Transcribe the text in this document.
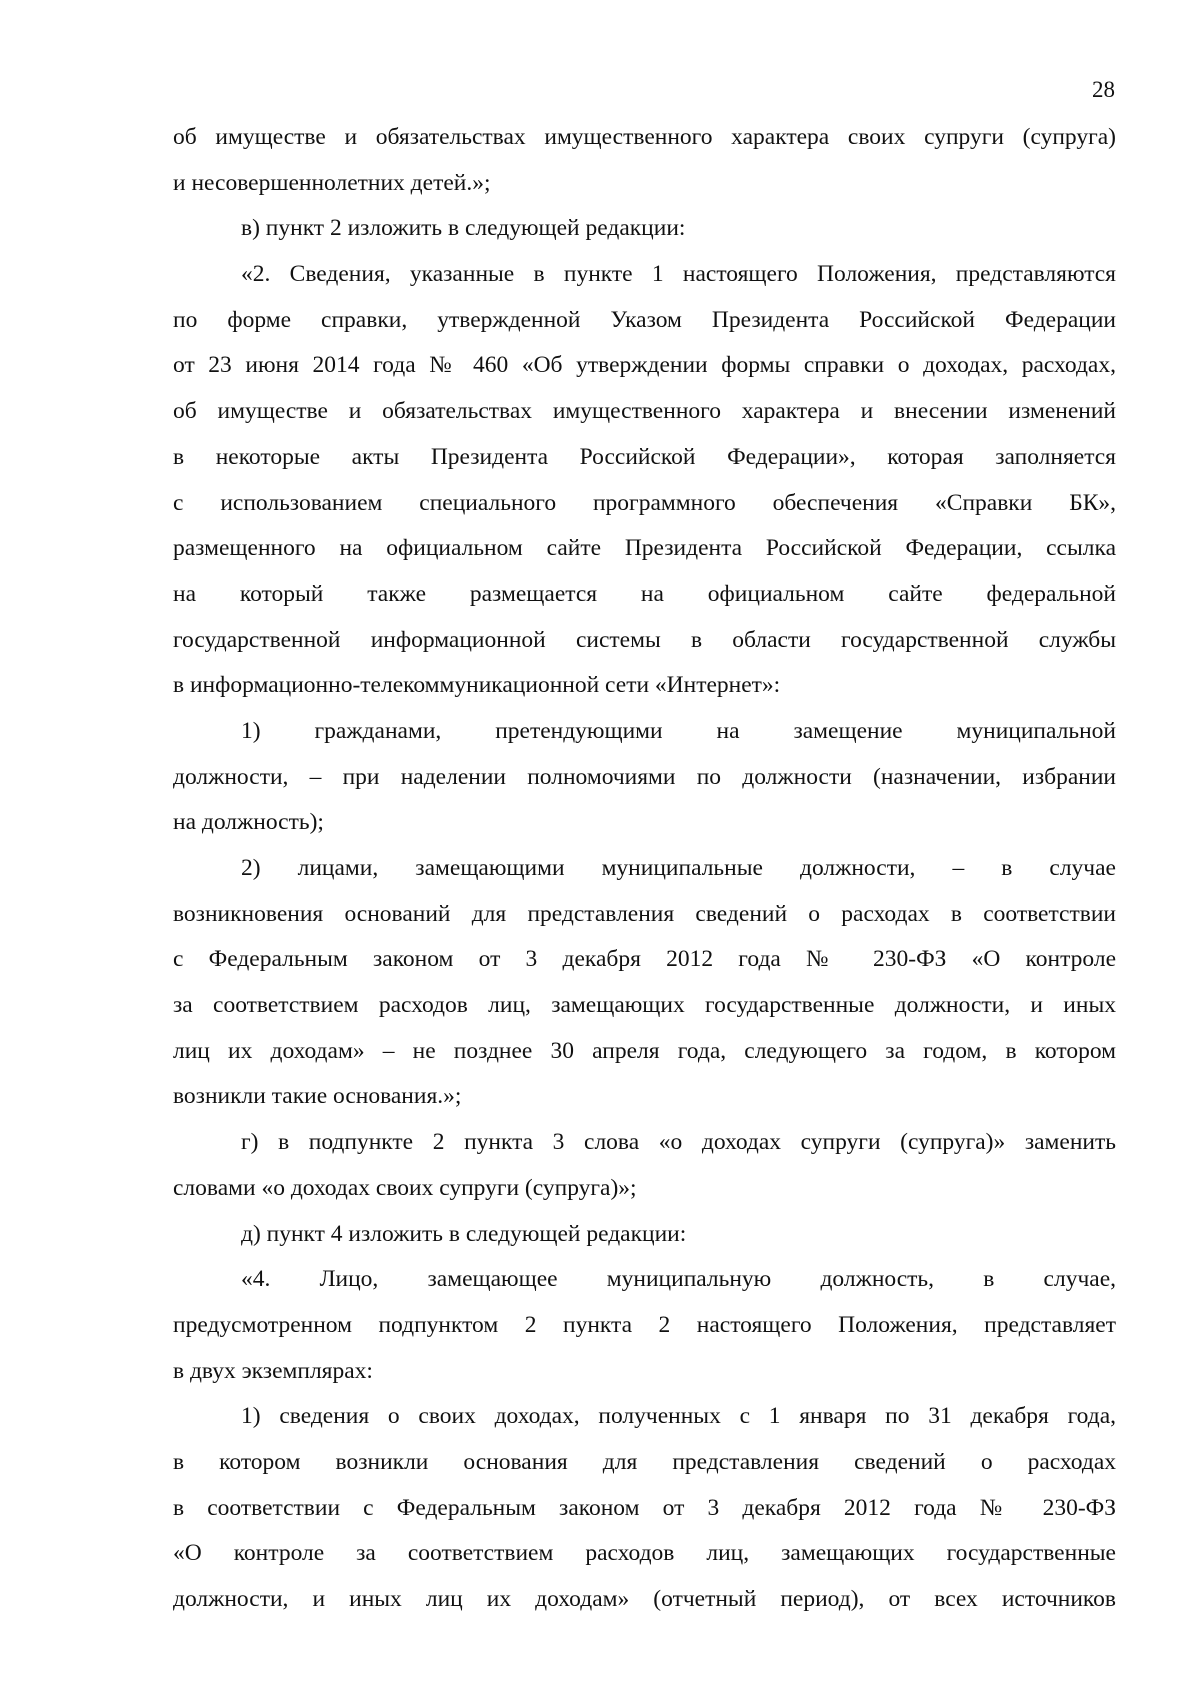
28
об имуществе и обязательствах имущественного характера своих супруги (супруга)
и несовершеннолетних детей.»;
в) пункт 2 изложить в следующей редакции:
«2. Сведения, указанные в пункте 1 настоящего Положения, представляются
по форме справки, утвержденной Указом Президента Российской Федерации
от 23 июня 2014 года № 460 «Об утверждении формы справки о доходах, расходах,
об имуществе и обязательствах имущественного характера и внесении изменений
в некоторые акты Президента Российской Федерации», которая заполняется
с использованием специального программного обеспечения «Справки БК»,
размещенного на официальном сайте Президента Российской Федерации, ссылка
на который также размещается на официальном сайте федеральной
государственной информационной системы в области государственной службы
в информационно-телекоммуникационной сети «Интернет»:
1) гражданами, претендующими на замещение муниципальной
должности, – при наделении полномочиями по должности (назначении, избрании
на должность);
2) лицами, замещающими муниципальные должности, – в случае
возникновения оснований для представления сведений о расходах в соответствии
с Федеральным законом от 3 декабря 2012 года № 230-ФЗ «О контроле
за соответствием расходов лиц, замещающих государственные должности, и иных
лиц их доходам» – не позднее 30 апреля года, следующего за годом, в котором
возникли такие основания.»;
г) в подпункте 2 пункта 3 слова «о доходах супруги (супруга)» заменить
словами «о доходах своих супруги (супруга)»;
д) пункт 4 изложить в следующей редакции:
«4. Лицо, замещающее муниципальную должность, в случае,
предусмотренном подпунктом 2 пункта 2 настоящего Положения, представляет
в двух экземплярах:
1) сведения о своих доходах, полученных с 1 января по 31 декабря года,
в котором возникли основания для представления сведений о расходах
в соответствии с Федеральным законом от 3 декабря 2012 года № 230-ФЗ
«О контроле за соответствием расходов лиц, замещающих государственные
должности, и иных лиц их доходам» (отчетный период), от всех источников
